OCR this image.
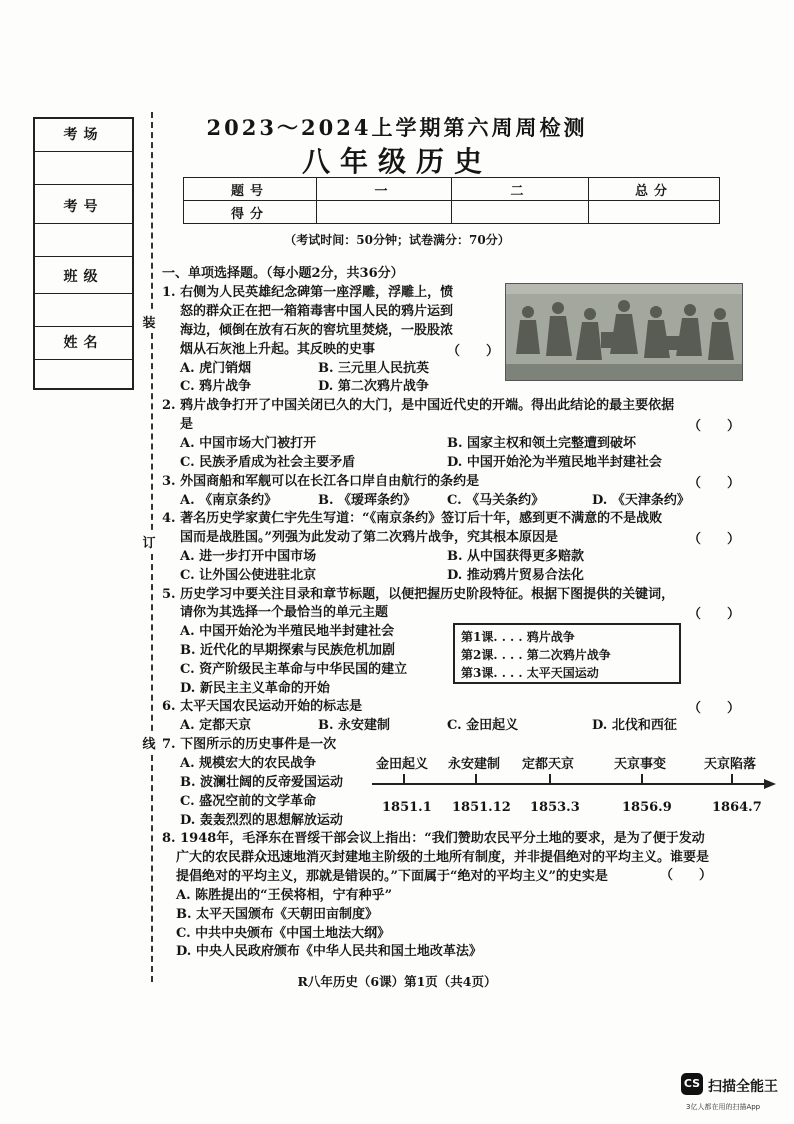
考场
考号
班级
姓名
装
订
线
2023～2024上学期第六周周检测
八年级历史
题号	一	二	总分
得分			
（考试时间：50分钟；试卷满分：70分）
一、单项选择题。（每小题2分，共36分）
1. 右侧为人民英雄纪念碑第一座浮雕，浮雕上，愤
怒的群众正在把一箱箱毒害中国人民的鸦片运到
海边，倾倒在放有石灰的窖坑里焚烧，一股股浓
烟从石灰池上升起。其反映的史事	（　　）
A. 虎门销烟	B. 三元里人民抗英
C. 鸦片战争	D. 第二次鸦片战争
2. 鸦片战争打开了中国关闭已久的大门，是中国近代史的开端。得出此结论的最主要依据
是	（　　）
A. 中国市场大门被打开	B. 国家主权和领土完整遭到破坏
C. 民族矛盾成为社会主要矛盾	D. 中国开始沦为半殖民地半封建社会
3. 外国商船和军舰可以在长江各口岸自由航行的条约是	（　　）
A. 《南京条约》	B. 《瑷珲条约》 C. 《马关条约》	D. 《天津条约》
4. 著名历史学家黄仁宇先生写道：“《南京条约》签订后十年，感到更不满意的不是战败
国而是战胜国。”列强为此发动了第二次鸦片战争，究其根本原因是	（　　）
A. 进一步打开中国市场	B. 从中国获得更多赔款
C. 让外国公使进驻北京	D. 推动鸦片贸易合法化
5. 历史学习中要关注目录和章节标题，以便把握历史阶段特征。根据下图提供的关键词，
请你为其选择一个最恰当的单元主题	（　　）
A. 中国开始沦为半殖民地半封建社会
B. 近代化的早期探索与民族危机加剧
C. 资产阶级民主革命与中华民国的建立
D. 新民主主义革命的开始
第1课. . . . 鸦片战争
第2课. . . . 第二次鸦片战争
第3课. . . . 太平天国运动
6. 太平天国农民运动开始的标志是	（　　）
A. 定都天京	B. 永安建制	C. 金田起义	D. 北伐和西征
7. 下图所示的历史事件是一次
A. 规模宏大的农民战争
B. 波澜壮阔的反帝爱国运动
C. 盛况空前的文学革命
D. 轰轰烈烈的思想解放运动
金田起义 永安建制 定都天京	天京事变	天京陷落
1851.1 1851.12 1853.3	1856.9	1864.7
8. 1948年，毛泽东在晋绥干部会议上指出：“我们赞助农民平分土地的要求，是为了便于发动
广大的农民群众迅速地消灭封建地主阶级的土地所有制度，并非提倡绝对的平均主义。谁要是
提倡绝对的平均主义，那就是错误的。”下面属于“绝对的平均主义”的史实是	（　　）
A. 陈胜提出的“王侯将相，宁有种乎”
B. 太平天国颁布《天朝田亩制度》
C. 中共中央颁布《中国土地法大纲》
D. 中央人民政府颁布《中华人民共和国土地改革法》
R八年历史（6课）第1页（共4页）
CS 扫描全能王
3亿人都在用的扫描App
